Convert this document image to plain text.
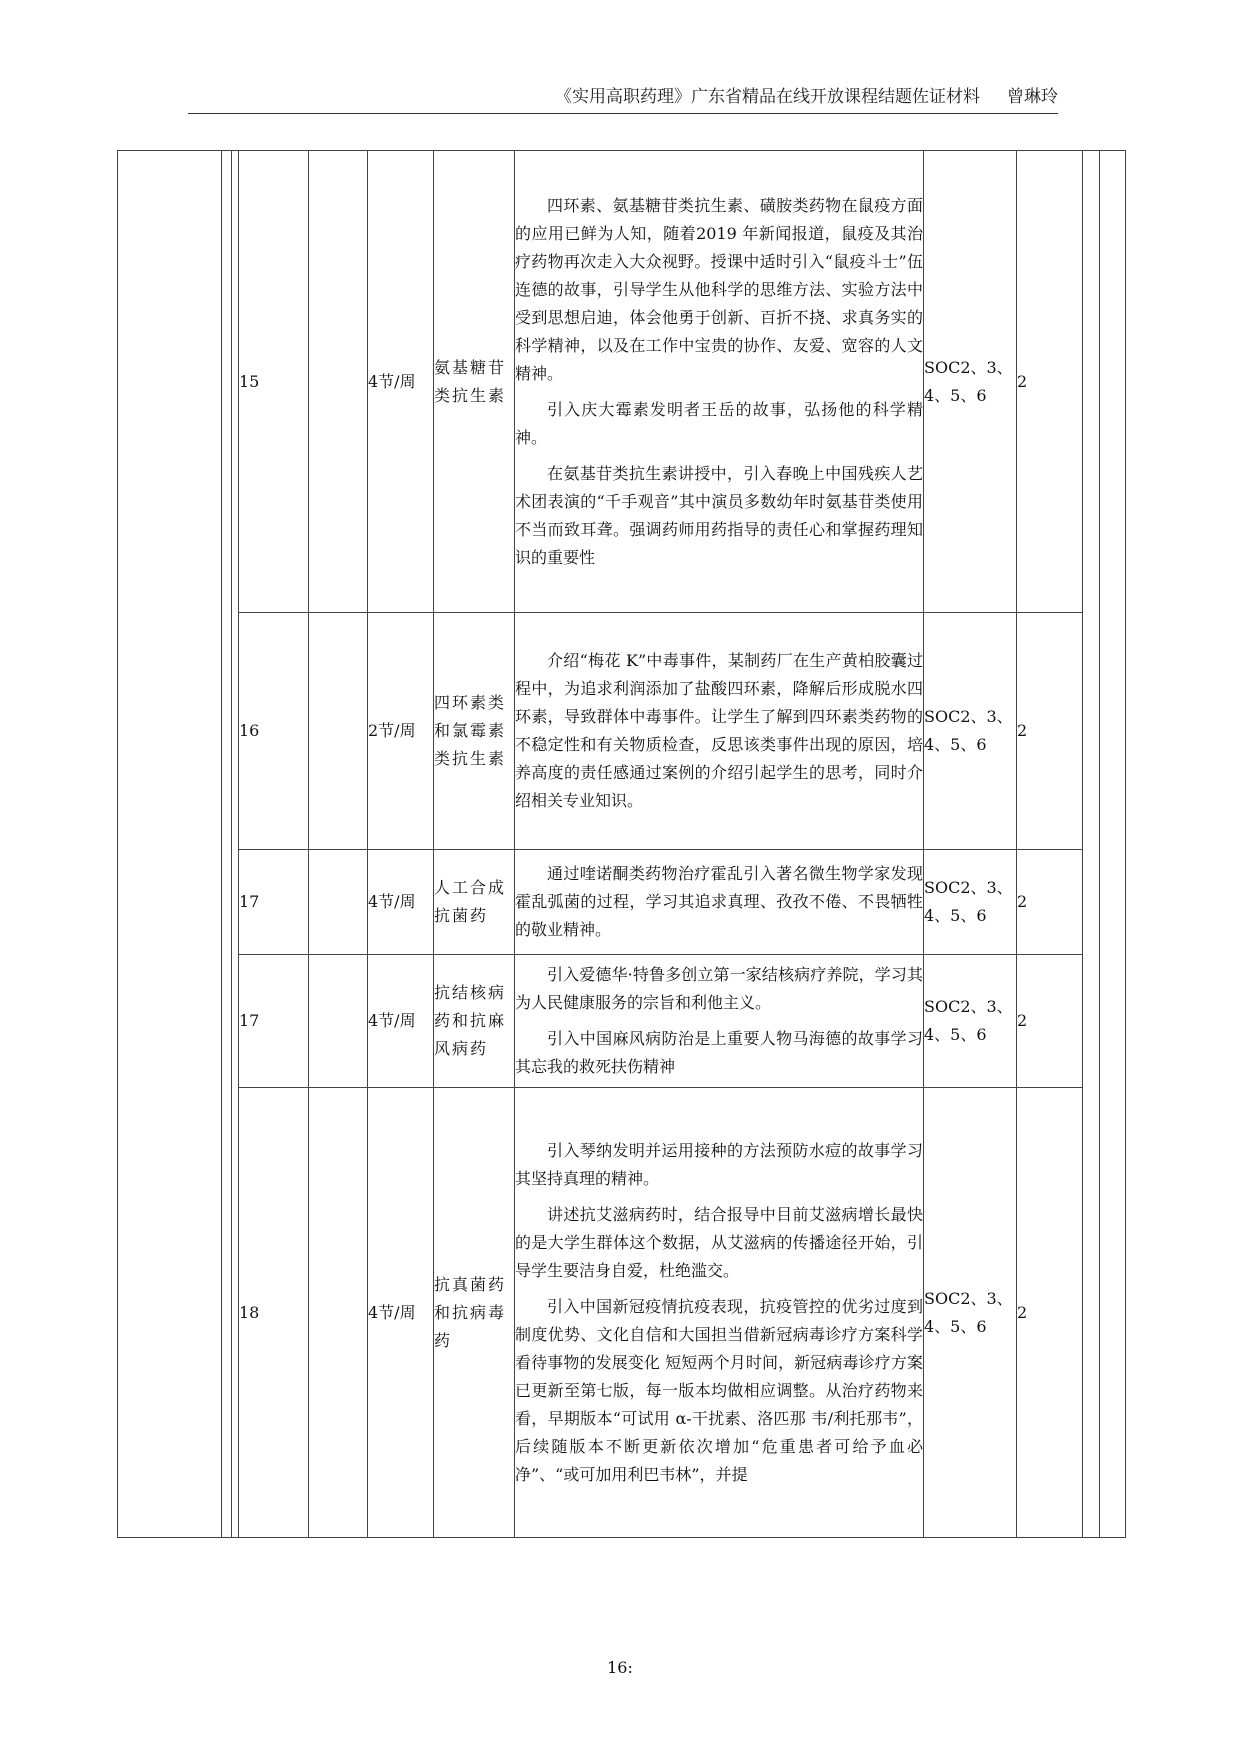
《实用高职药理》广东省精品在线开放课程结题佐证材料 曾琳玲
			15		4节/周	氨基糖苷类抗生素	四环素、氨基糖苷类抗生素、磺胺类药物在鼠疫方面的应用已鲜为人知，随着2019 年新闻报道，鼠疫及其治疗药物再次走入大众视野。授课中适时引入“鼠疫斗士”伍连德的故事，引导学生从他科学的思维方法、实验方法中受到思想启迪，体会他勇于创新、百折不挠、求真务实的科学精神，以及在工作中宝贵的协作、友爱、宽容的人文精神。

引入庆大霉素发明者王岳的故事，弘扬他的科学精神。

在氨基苷类抗生素讲授中，引入春晚上中国残疾人艺术团表演的“千手观音”其中演员多数幼年时氨基苷类使用不当而致耳聋。强调药师用药指导的责任心和掌握药理知识的重要性	SOC2、3、4、5、6	2		
			16		2节/周	四环素类和氯霉素类抗生素	介绍“梅花 K”中毒事件，某制药厂在生产黄柏胶囊过程中，为追求利润添加了盐酸四环素，降解后形成脱水四环素，导致群体中毒事件。让学生了解到四环素类药物的不稳定性和有关物质检查，反思该类事件出现的原因，培养高度的责任感通过案例的介绍引起学生的思考，同时介绍相关专业知识。	SOC2、3、4、5、6	2		
			17		4节/周	人工合成抗菌药	通过喹诺酮类药物治疗霍乱引入著名微生物学家发现霍乱弧菌的过程，学习其追求真理、孜孜不倦、不畏牺牲的敬业精神。	SOC2、3、4、5、6	2		
			17		4节/周	抗结核病药和抗麻风病药	引入爱德华·特鲁多创立第一家结核病疗养院，学习其为人民健康服务的宗旨和利他主义。

引入中国麻风病防治是上重要人物马海德的故事学习其忘我的救死扶伤精神	SOC2、3、4、5、6	2		
			18		4节/周	抗真菌药和抗病毒药	引入琴纳发明并运用接种的方法预防水痘的故事学习其坚持真理的精神。

讲述抗艾滋病药时，结合报导中目前艾滋病增长最快的是大学生群体这个数据，从艾滋病的传播途径开始，引导学生要洁身自爱，杜绝滥交。

引入中国新冠疫情抗疫表现，抗疫管控的优劣过度到制度优势、文化自信和大国担当借新冠病毒诊疗方案科学看待事物的发展变化 短短两个月时间，新冠病毒诊疗方案已更新至第七版，每一版本均做相应调整。从治疗药物来看，早期版本“可试用 α-干扰素、洛匹那 韦/利托那韦”，后续随版本不断更新依次增加“危重患者可给予血必净”、“或可加用利巴韦林”，并提	SOC2、3、4、5、6	2		
16:
